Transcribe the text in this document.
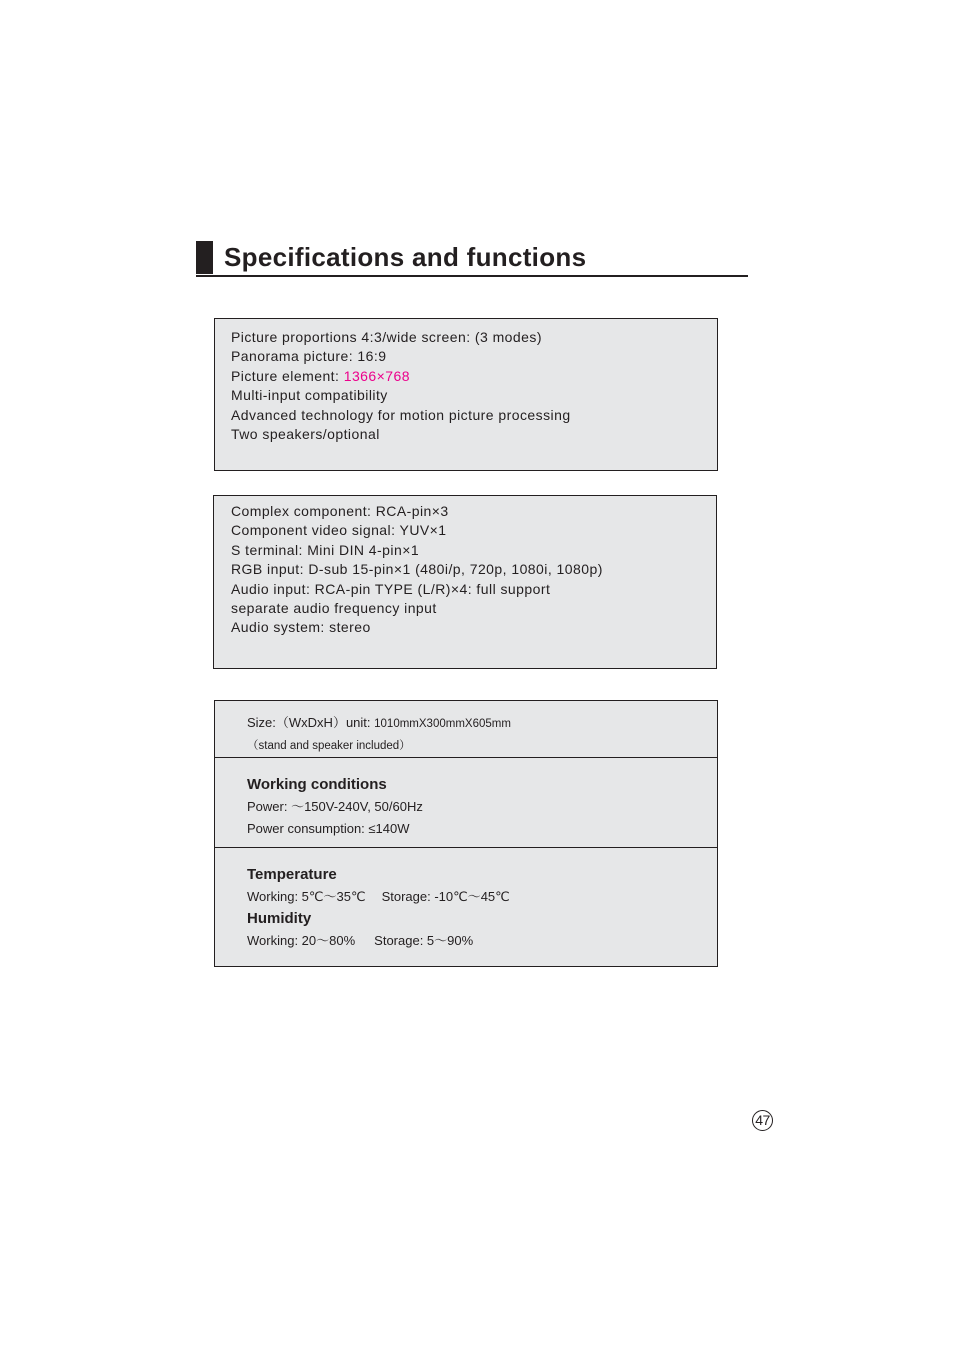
Specifications and functions
Picture proportions 4:3/wide screen: (3 modes)
Panorama picture: 16:9
Picture element: 1366×768
Multi-input compatibility
Advanced technology for motion picture processing
Two speakers/optional
Complex component: RCA-pin×3
Component video signal: YUV×1
S terminal: Mini DIN 4-pin×1
RGB input: D-sub 15-pin×1 (480i/p, 720p, 1080i, 1080p)
Audio input: RCA-pin TYPE (L/R)×4: full support
separate audio frequency input
Audio system: stereo
Size:（WxDxH）unit: 1010mmX300mmX605mm
（stand and speaker included）
Working conditions
Power: ～150V-240V, 50/60Hz
Power consumption: ≤140W
Temperature
Working: 5℃～35℃ Storage: -10℃～45℃
Humidity
Working: 20～80% Storage: 5～90%
47
